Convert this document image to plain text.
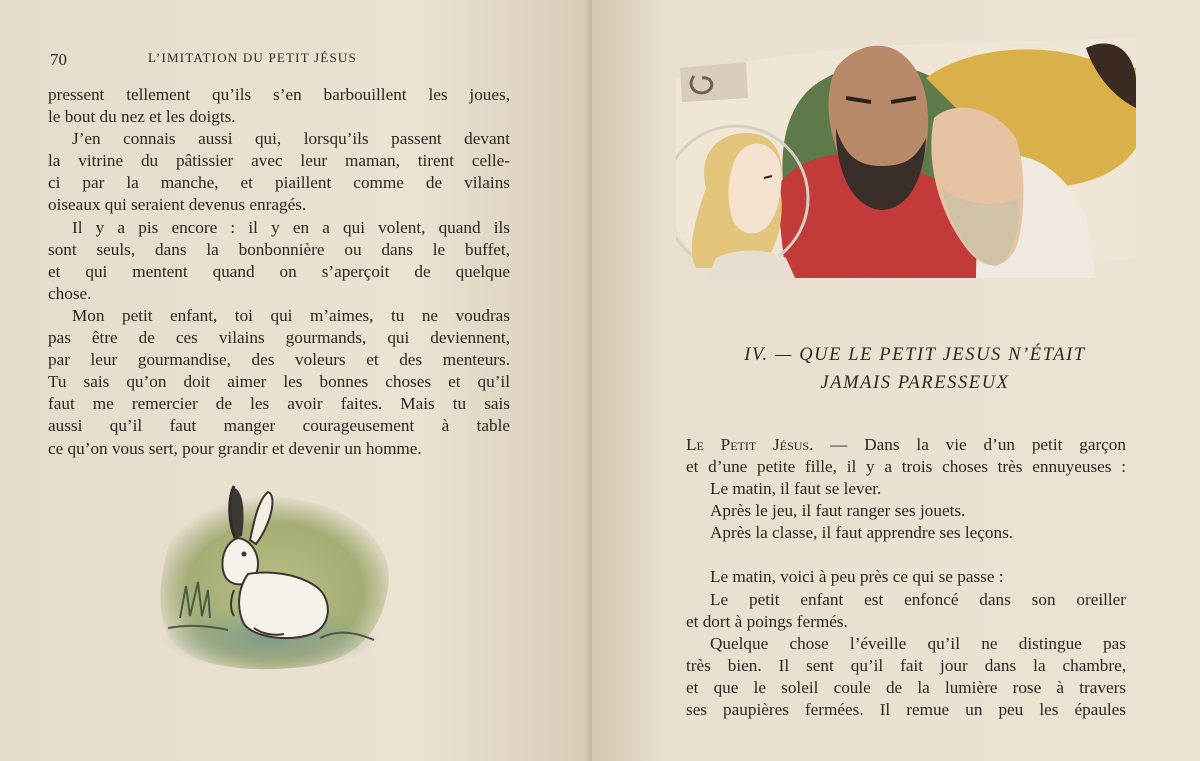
70	L’IMITATION DU PETIT JÉSUS
pressent tellement qu’ils s’en barbouillent les joues,
le bout du nez et les doigts.
J’en connais aussi qui, lorsqu’ils passent devant
la vitrine du pâtissier avec leur maman, tirent celle-
ci par la manche, et piaillent comme de vilains
oiseaux qui seraient devenus enragés.
Il y a pis encore : il y en a qui volent, quand ils
sont seuls, dans la bonbonnière ou dans le buffet,
et qui mentent quand on s’aperçoit de quelque
chose.
Mon petit enfant, toi qui m’aimes, tu ne voudras
pas être de ces vilains gourmands, qui deviennent,
par leur gourmandise, des voleurs et des menteurs.
Tu sais qu’on doit aimer les bonnes choses et qu’il
faut me remercier de les avoir faites. Mais tu sais
aussi qu’il faut manger courageusement à table
ce qu’on vous sert, pour grandir et devenir un homme.
IV. — QUE LE PETIT JESUS N’ÉTAIT
JAMAIS PARESSEUX
Le Petit Jésus. — Dans la vie d’un petit garçon
et d’une petite fille, il y a trois choses très ennuyeuses :
Le matin, il faut se lever.
Après le jeu, il faut ranger ses jouets.
Après la classe, il faut apprendre ses leçons.
Le matin, voici à peu près ce qui se passe :
Le petit enfant est enfoncé dans son oreiller
et dort à poings fermés.
Quelque chose l’éveille qu’il ne distingue pas
très bien. Il sent qu’il fait jour dans la chambre,
et que le soleil coule de la lumière rose à travers
ses paupières fermées. Il remue un peu les épaules
